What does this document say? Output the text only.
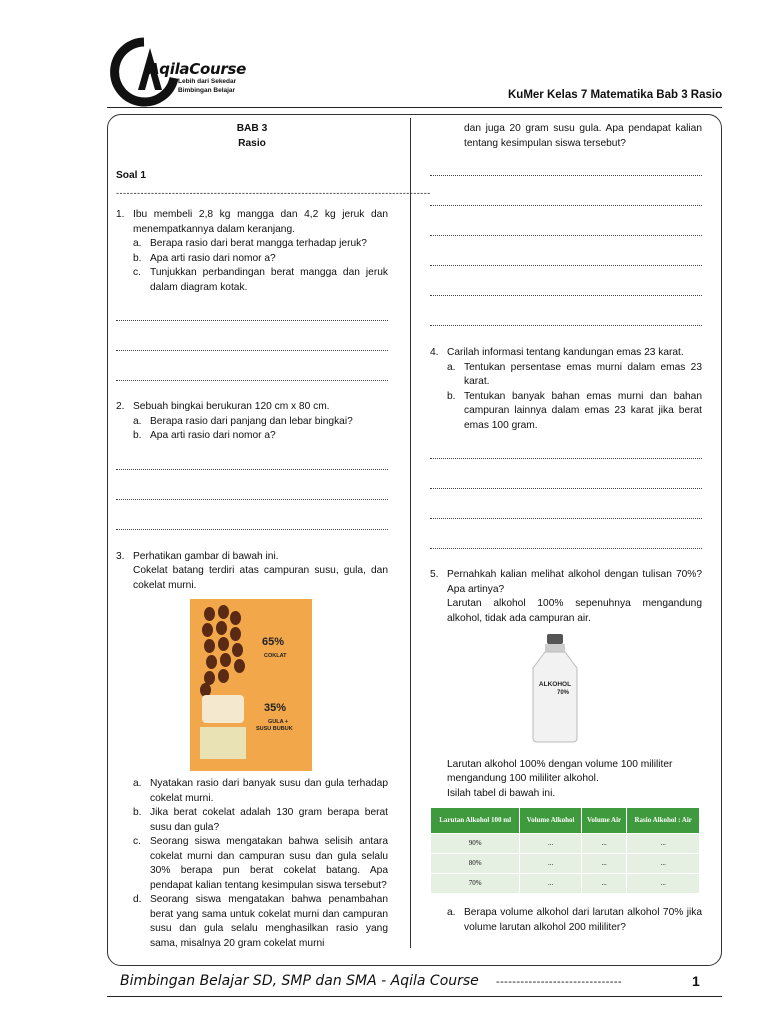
AqilaCourse
Lebih dari Sekedar
Bimbingan Belajar	KuMer Kelas 7 Matematika Bab 3 Rasio
BAB 3
Rasio
Soal 1
------------------------------------------------------------------------------------------
1. Ibu membeli 2,8 kg mangga dan 4,2 kg jeruk dan menempatkannya dalam keranjang.
a. Berapa rasio dari berat mangga terhadap jeruk?
b. Apa arti rasio dari nomor a?
c. Tunjukkan perbandingan berat mangga dan jeruk dalam diagram kotak.
2. Sebuah bingkai berukuran 120 cm x 80 cm.
a. Berapa rasio dari panjang dan lebar bingkai?
b. Apa arti rasio dari nomor a?
3. Perhatikan gambar di bawah ini.
Cokelat batang terdiri atas campuran susu, gula, dan cokelat murni.
65%
COKLAT
35%
GULA +
SUSU BUBUK
a. Nyatakan rasio dari banyak susu dan gula terhadap cokelat murni.
b. Jika berat cokelat adalah 130 gram berapa berat susu dan gula?
c. Seorang siswa mengatakan bahwa selisih antara cokelat murni dan campuran susu dan gula selalu 30% berapa pun berat cokelat batang. Apa pendapat kalian tentang kesimpulan siswa tersebut?
d. Seorang siswa mengatakan bahwa penambahan berat yang sama untuk cokelat murni dan campuran susu dan gula selalu menghasilkan rasio yang sama, misalnya 20 gram cokelat murni
dan juga 20 gram susu gula. Apa pendapat kalian tentang kesimpulan siswa tersebut?
4. Carilah informasi tentang kandungan emas 23 karat.
a. Tentukan persentase emas murni dalam emas 23 karat.
b. Tentukan banyak bahan emas murni dan bahan campuran lainnya dalam emas 23 karat jika berat emas 100 gram.
5. Pernahkah kalian melihat alkohol dengan tulisan 70%? Apa artinya?
Larutan alkohol 100% sepenuhnya mengandung alkohol, tidak ada campuran air.
ALKOHOL
70%
Larutan alkohol 100% dengan volume 100 mililiter mengandung 100 mililiter alkohol.
Isilah tabel di bawah ini.
Larutan Alkohol 100 ml	Volume Alkohol	Volume Air	Rasio Alkohol : Air
90%	...	...	...
80%	...	...	...
70%	...	...	...
a. Berapa volume alkohol dari larutan alkohol 70% jika volume larutan alkohol 200 mililiter?
Bimbingan Belajar SD, SMP dan SMA - Aqila Course -------------------------------	1
